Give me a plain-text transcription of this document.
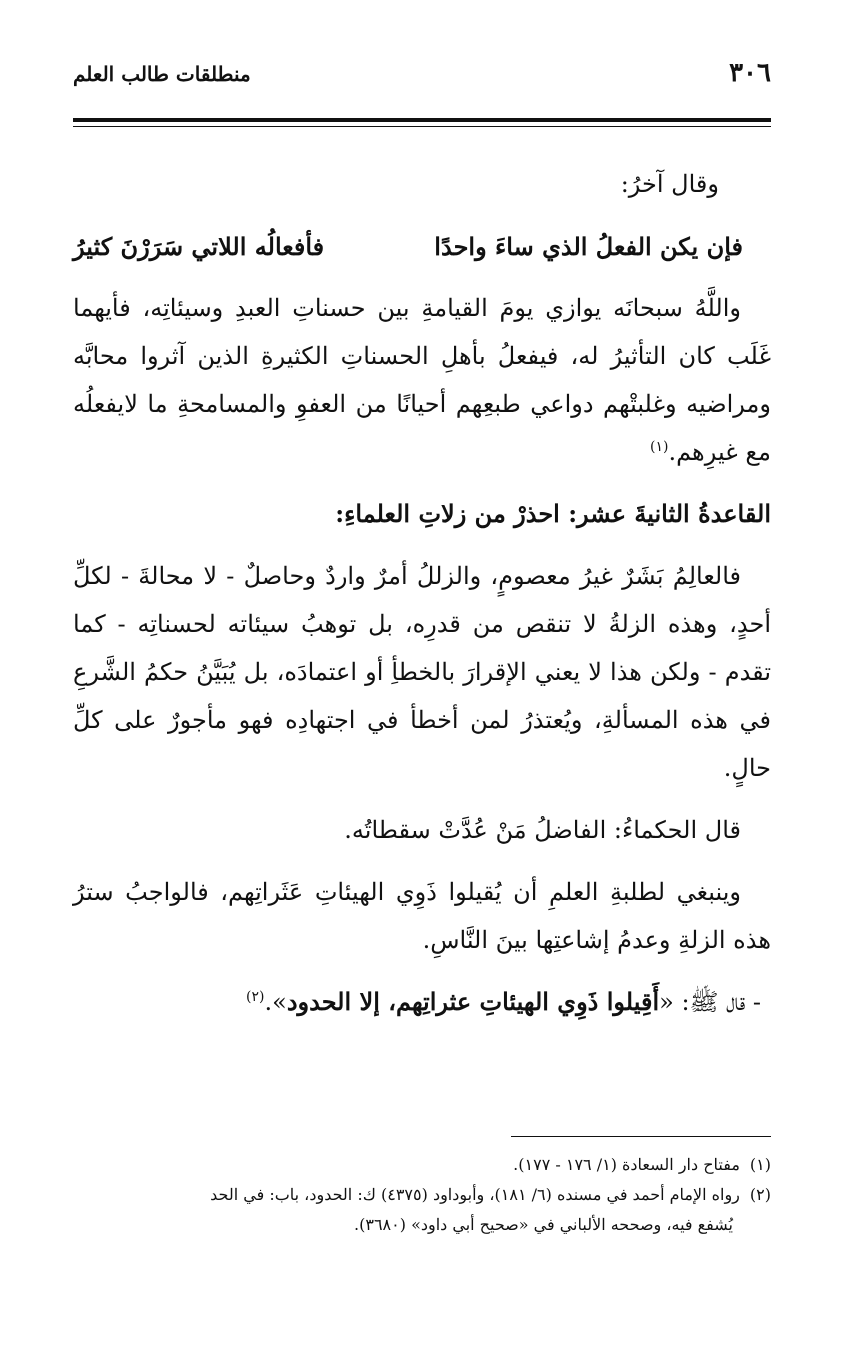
٣٠٦
منطلقات طالب العلم

وقال آخرُ:

فإن يكن الفعلُ الذي ساءَ واحدًا
فأفعالُه اللاتي سَرَرْنَ كثيرُ

واللَّهُ سبحانَه يوازي يومَ القيامةِ بين حسناتِ العبدِ وسيئاتِه، فأيهما غَلَب كان التأثيرُ له، فيفعلُ بأهلِ الحسناتِ الكثيرةِ الذين آثروا محابَّه ومراضيه وغلبتْهم دواعي طبعِهم أحيانًا من العفوِ والمسامحةِ ما لايفعلُه مع غيرِهم.$^{(١)}$

القاعدةُ الثانيةَ عشر: احذرْ من زلاتِ العلماءِ:

فالعالِمُ بَشَرٌ غيرُ معصومٍ، والزللُ أمرٌ واردٌ وحاصلٌ - لا محالةَ - لكلِّ أحدٍ، وهذه الزلةُ لا تنقص من قدرِه، بل توهبُ سيئاته لحسناتِه - كما تقدم - ولكن هذا لا يعني الإقرارَ بالخطأِ أو اعتمادَه، بل يُبَيَّنُ حكمُ الشَّرعِ في هذه المسألةِ، ويُعتذرُ لمن أخطأ في اجتهادِه فهو مأجورٌ على كلِّ حالٍ.

قال الحكماءُ: الفاضلُ مَنْ عُدَّتْ سقطاتُه.

وينبغي لطلبةِ العلمِ أن يُقيلوا ذَوِي الهيئاتِ عَثَراتِهم، فالواجبُ سترُ هذه الزلةِ وعدمُ إشاعتِها بينَ النَّاسِ.

- قال ﷺ: «أَقِيلوا ذَوِي الهيئاتِ عثراتِهم، إلا الحدود».$^{(٢)}$

(١)مفتاح دار السعادة (١/ ١٧٦ - ١٧٧).

(٢)رواه الإمام أحمد في مسنده (٦/ ١٨١)، وأبوداود (٤٣٧٥) ك: الحدود، باب: في الحد

يُشفع فيه، وصححه الألباني في «صحيح أبي داود» (٣٦٨٠).
